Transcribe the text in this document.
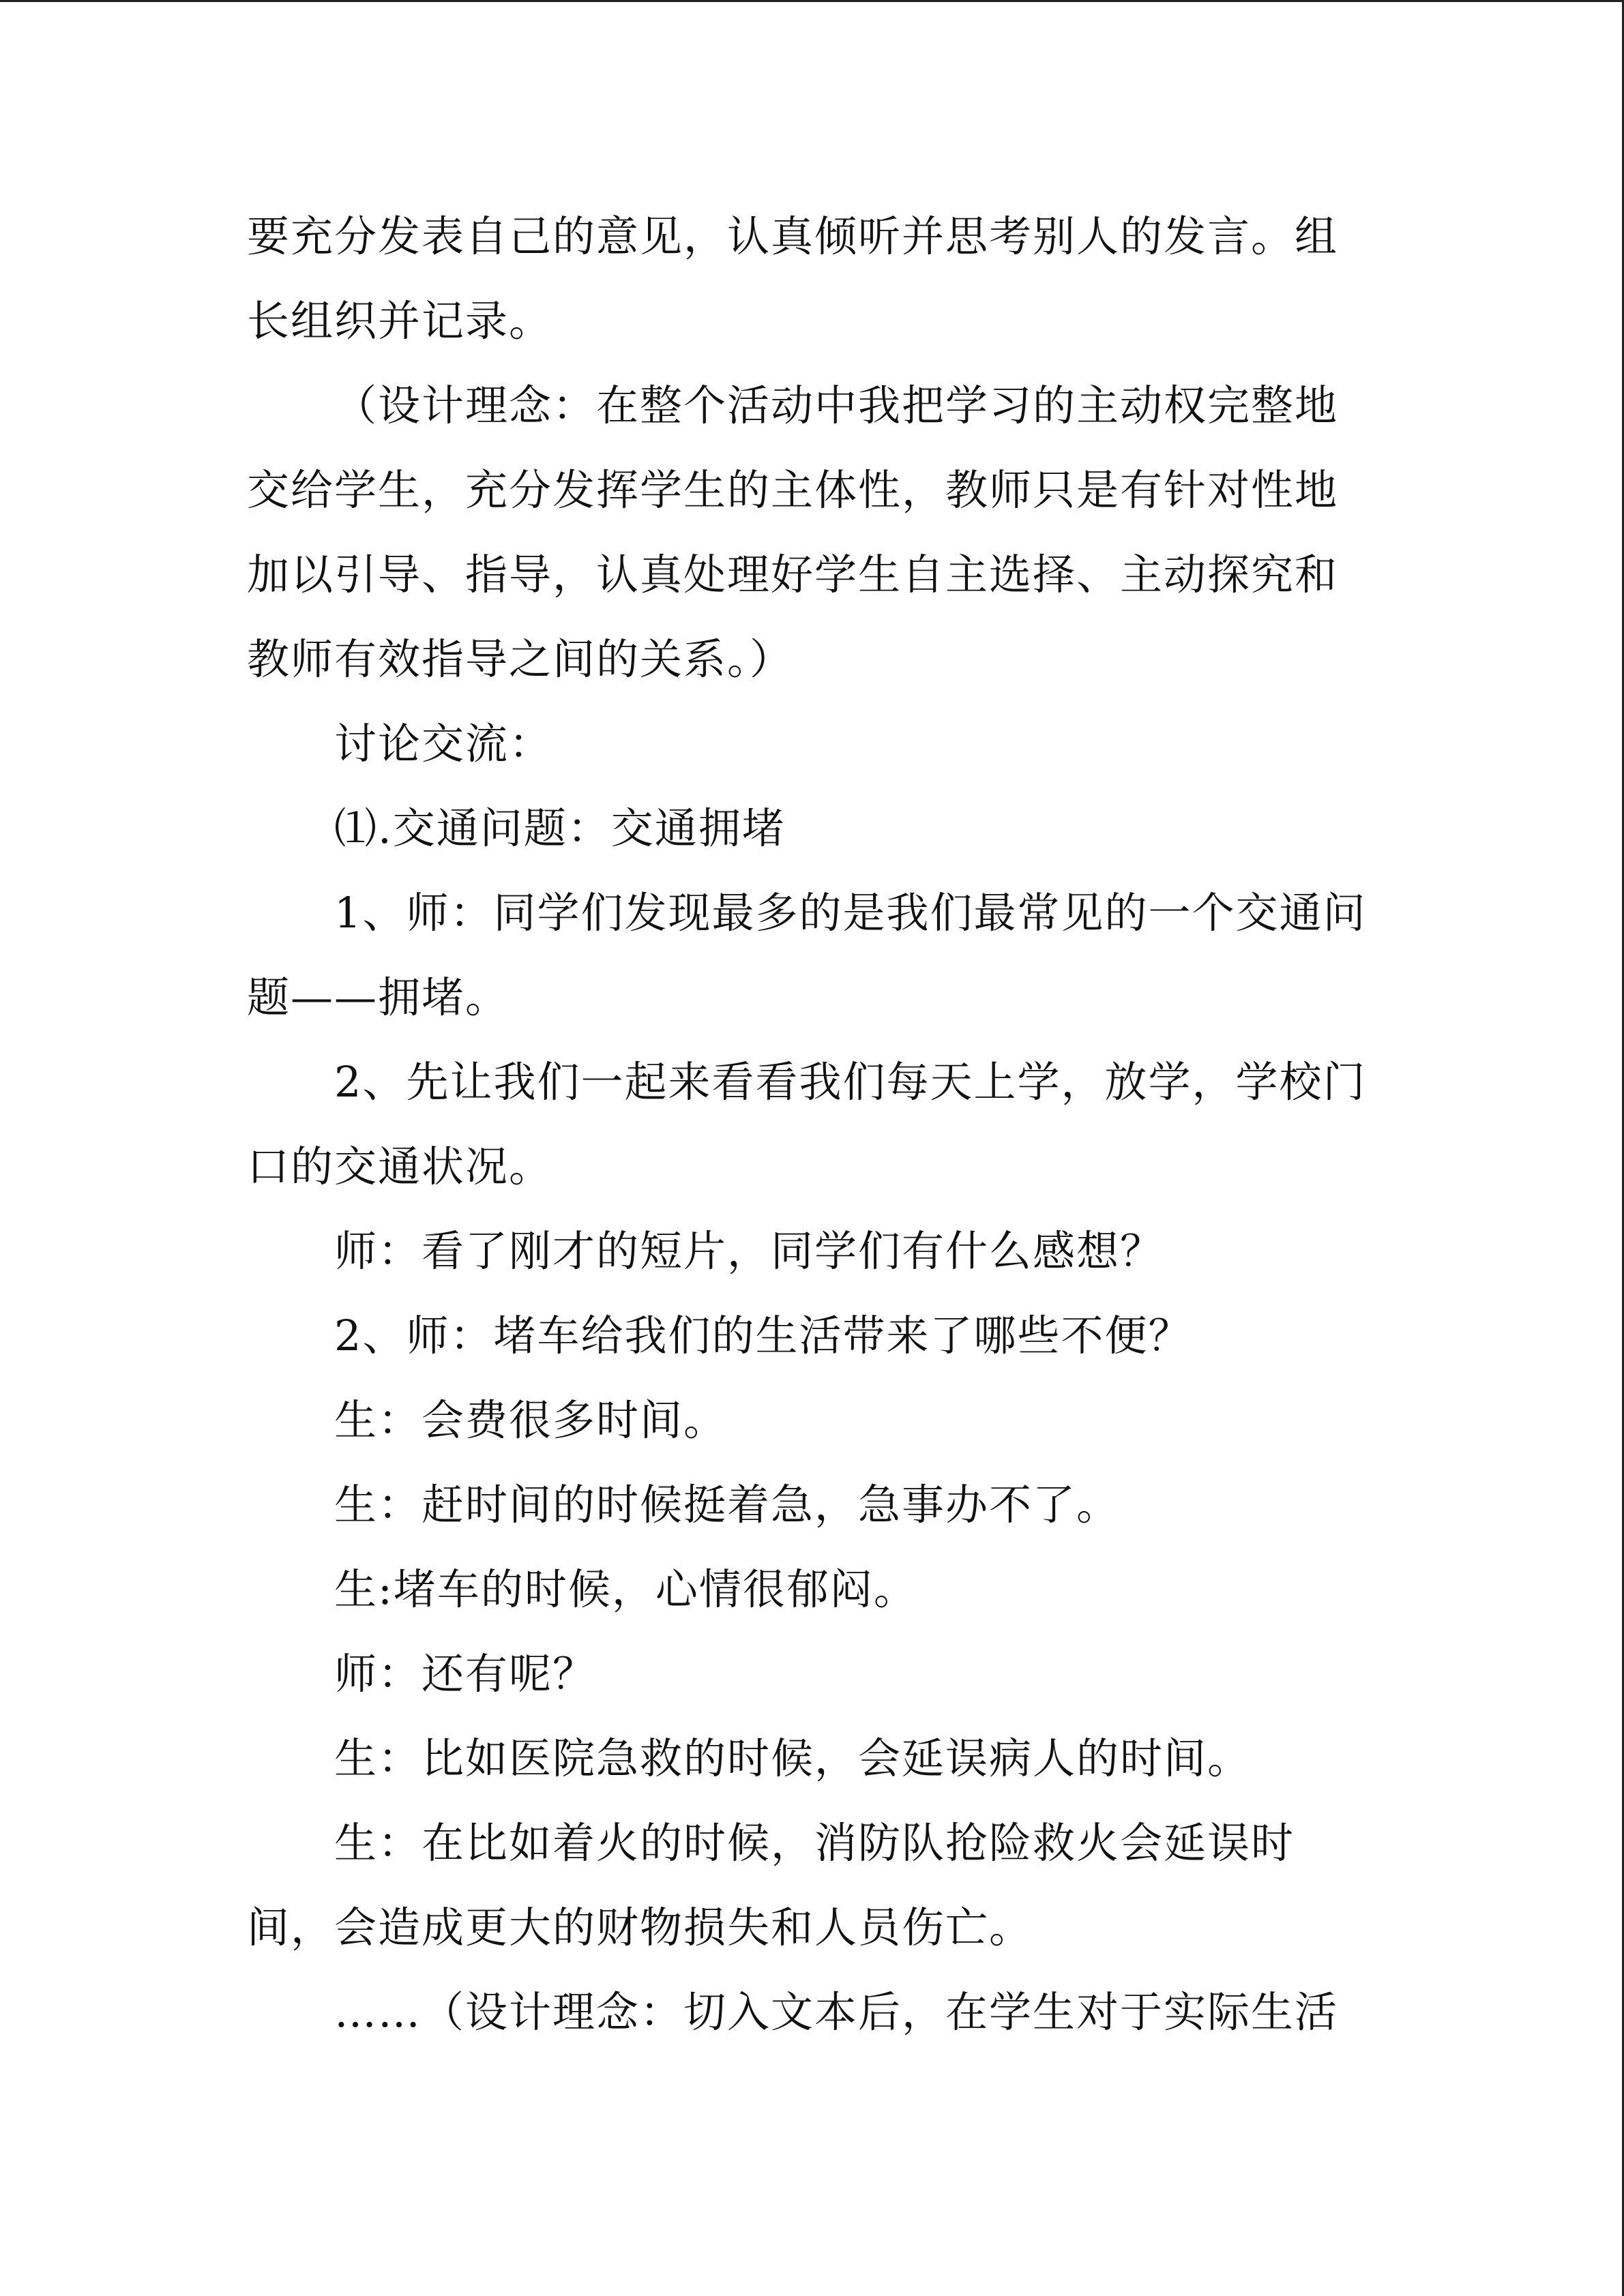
要充分发表自己的意见，认真倾听并思考别人的发言。组
长组织并记录。
（设计理念：在整个活动中我把学习的主动权完整地
交给学生，充分发挥学生的主体性，教师只是有针对性地
加以引导、指导，认真处理好学生自主选择、主动探究和
教师有效指导之间的关系。）
讨论交流：
⑴.交通问题：交通拥堵
1、师：同学们发现最多的是我们最常见的一个交通问
题——拥堵。
2、先让我们一起来看看我们每天上学，放学，学校门
口的交通状况。
师：看了刚才的短片，同学们有什么感想？
2、师：堵车给我们的生活带来了哪些不便？
生：会费很多时间。
生：赶时间的时候挺着急，急事办不了。
生:堵车的时候，心情很郁闷。
师：还有呢？
生：比如医院急救的时候，会延误病人的时间。
生：在比如着火的时候，消防队抢险救火会延误时
间，会造成更大的财物损失和人员伤亡。
……（设计理念：切入文本后，在学生对于实际生活
